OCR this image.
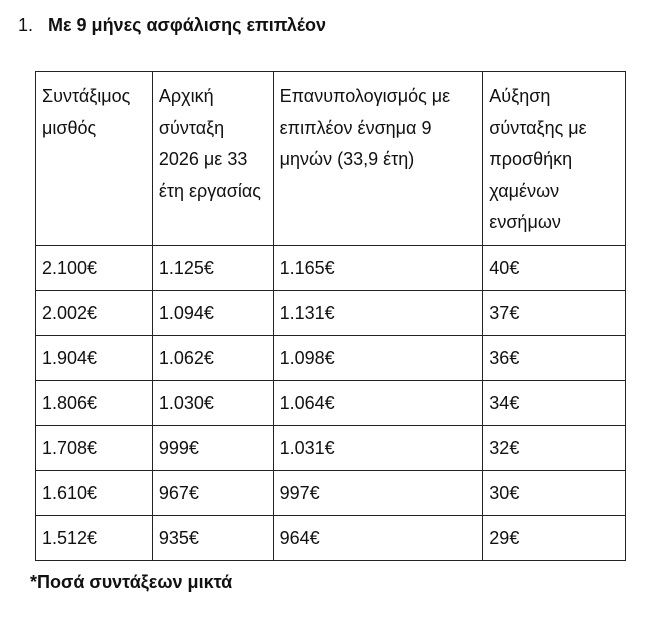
1. Με 9 μήνες ασφάλισης επιπλέον
Συντάξιμος μισθός	Αρχική σύνταξη 2026 με 33 έτη εργασίας	Επανυπολογισμός με επιπλέον ένσημα 9 μηνών (33,9 έτη)	Αύξηση σύνταξης με προσθήκη χαμένων ενσήμων
2.100€	1.125€	1.165€	40€
2.002€	1.094€	1.131€	37€
1.904€	1.062€	1.098€	36€
1.806€	1.030€	1.064€	34€
1.708€	999€	1.031€	32€
1.610€	967€	997€	30€
1.512€	935€	964€	29€
*Ποσά συντάξεων μικτά
